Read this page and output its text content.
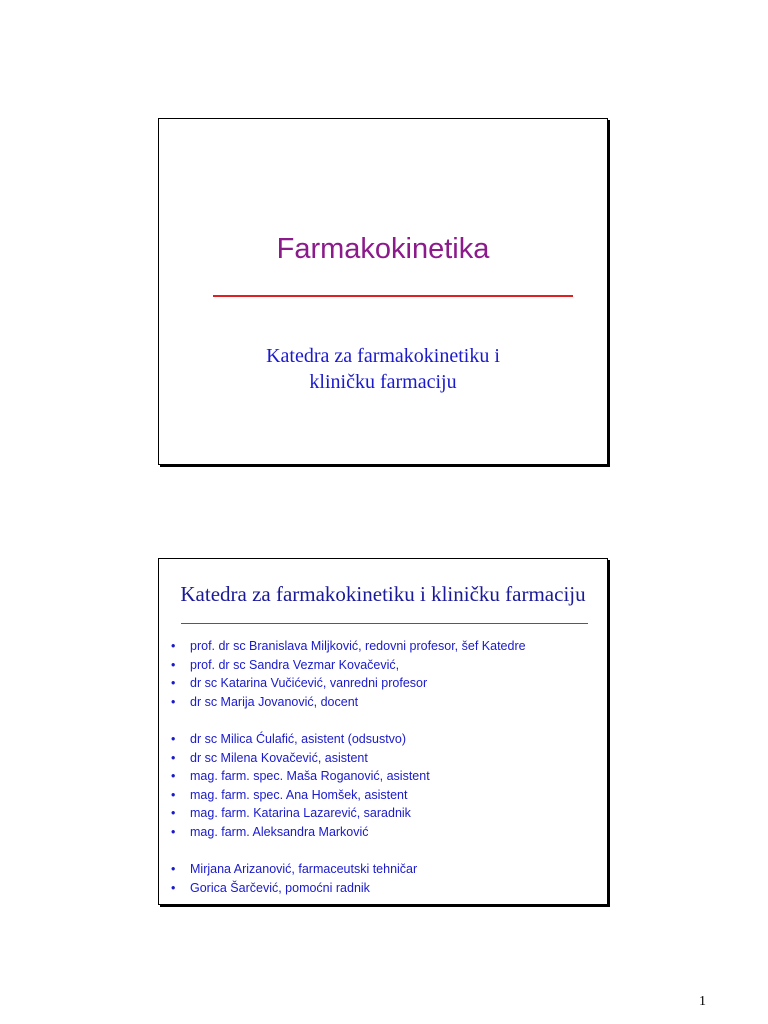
Farmakokinetika
Katedra za farmakokinetiku i
kliničku farmaciju
Katedra za farmakokinetiku i kliničku farmaciju
• prof. dr sc Branislava Miljković, redovni profesor, šef Katedre
• prof. dr sc Sandra Vezmar Kovačević,
• dr sc Katarina Vučićević, vanredni profesor
• dr sc Marija Jovanović, docent
• dr sc Milica Ćulafić, asistent (odsustvo)
• dr sc Milena Kovačević, asistent
• mag. farm. spec. Maša Roganović, asistent
• mag. farm. spec. Ana Homšek, asistent
• mag. farm. Katarina Lazarević, saradnik
• mag. farm. Aleksandra Marković
• Mirjana Arizanović, farmaceutski tehničar
• Gorica Šarčević, pomoćni radnik
1
